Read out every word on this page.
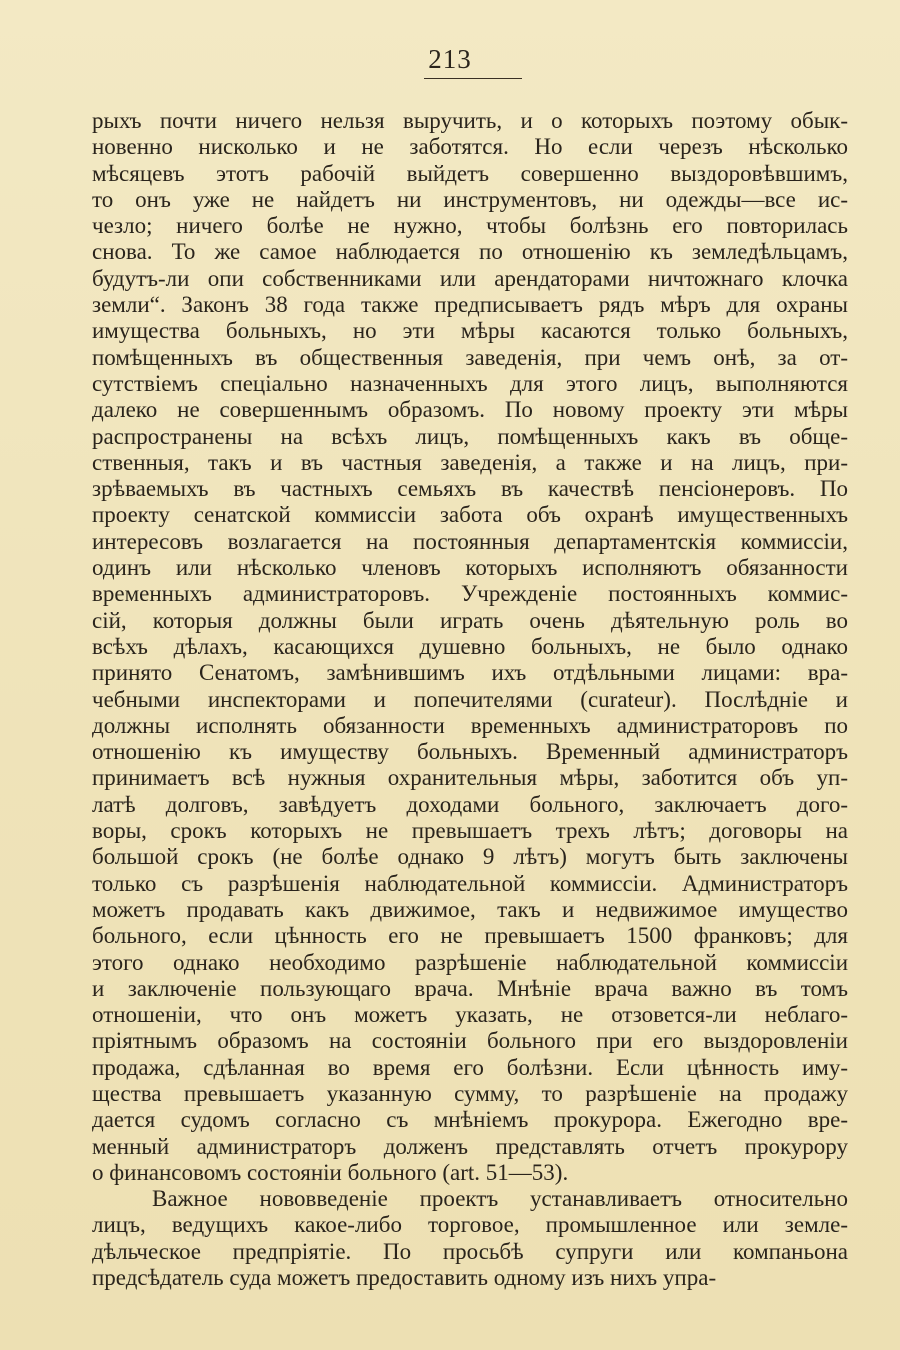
213
рыхъ почти ничего нельзя выручить, и о которыхъ поэтому обык-
новенно нисколько и не заботятся. Но если черезъ нѣсколько
мѣсяцевъ этотъ рабочій выйдетъ совершенно выздоровѣвшимъ,
то онъ уже не найдетъ ни инструментовъ, ни одежды—все ис-
чезло; ничего болѣе не нужно, чтобы болѣзнь его повторилась
снова. То же самое наблюдается по отношенію къ земледѣльцамъ,
будутъ-ли опи собственниками или арендаторами ничтожнаго клочка
земли“. Законъ 38 года также предписываетъ рядъ мѣръ для охраны
имущества больныхъ, но эти мѣры касаются только больныхъ,
помѣщенныхъ въ общественныя заведенія, при чемъ онѣ, за от-
сутствіемъ спеціально назначенныхъ для этого лицъ, выполняются
далеко не совершеннымъ образомъ. По новому проекту эти мѣры
распространены на всѣхъ лицъ, помѣщенныхъ какъ въ обще-
ственныя, такъ и въ частныя заведенія, а также и на лицъ, при-
зрѣваемыхъ въ частныхъ семьяхъ въ качествѣ пенсіонеровъ. По
проекту сенатской коммиссіи забота объ охранѣ имущественныхъ
интересовъ возлагается на постоянныя департаментскія коммиссіи,
одинъ или нѣсколько членовъ которыхъ исполняютъ обязанности
временныхъ администраторовъ. Учрежденіе постоянныхъ коммис-
сій, которыя должны были играть очень дѣятельную роль во
всѣхъ дѣлахъ, касающихся душевно больныхъ, не было однако
принято Сенатомъ, замѣнившимъ ихъ отдѣльными лицами: вра-
чебными инспекторами и попечителями (curateur). Послѣдніе и
должны исполнять обязанности временныхъ администраторовъ по
отношенію къ имуществу больныхъ. Временный администраторъ
принимаетъ всѣ нужныя охранительныя мѣры, заботится объ уп-
латѣ долговъ, завѣдуетъ доходами больного, заключаетъ дого-
воры, срокъ которыхъ не превышаетъ трехъ лѣтъ; договоры на
большой срокъ (не болѣе однако 9 лѣтъ) могутъ быть заключены
только съ разрѣшенія наблюдательной коммиссіи. Администраторъ
можетъ продавать какъ движимое, такъ и недвижимое имущество
больного, если цѣнность его не превышаетъ 1500 франковъ; для
этого однако необходимо разрѣшеніе наблюдательной коммиссіи
и заключеніе пользующаго врача. Мнѣніе врача важно въ томъ
отношеніи, что онъ можетъ указать, не отзовется-ли неблаго-
пріятнымъ образомъ на состояніи больного при его выздоровленіи
продажа, сдѣланная во время его болѣзни. Если цѣнность иму-
щества превышаетъ указанную сумму, то разрѣшеніе на продажу
дается судомъ согласно съ мнѣніемъ прокурора. Ежегодно вре-
менный администраторъ долженъ представлять отчетъ прокурору
о финансовомъ состояніи больного (art. 51—53).
Важное нововведеніе проектъ устанавливаетъ относительно
лицъ, ведущихъ какое-либо торговое, промышленное или земле-
дѣльческое предпріятіе. По просьбѣ супруги или компаньона
предсѣдатель суда можетъ предоставить одному изъ нихъ упра-
